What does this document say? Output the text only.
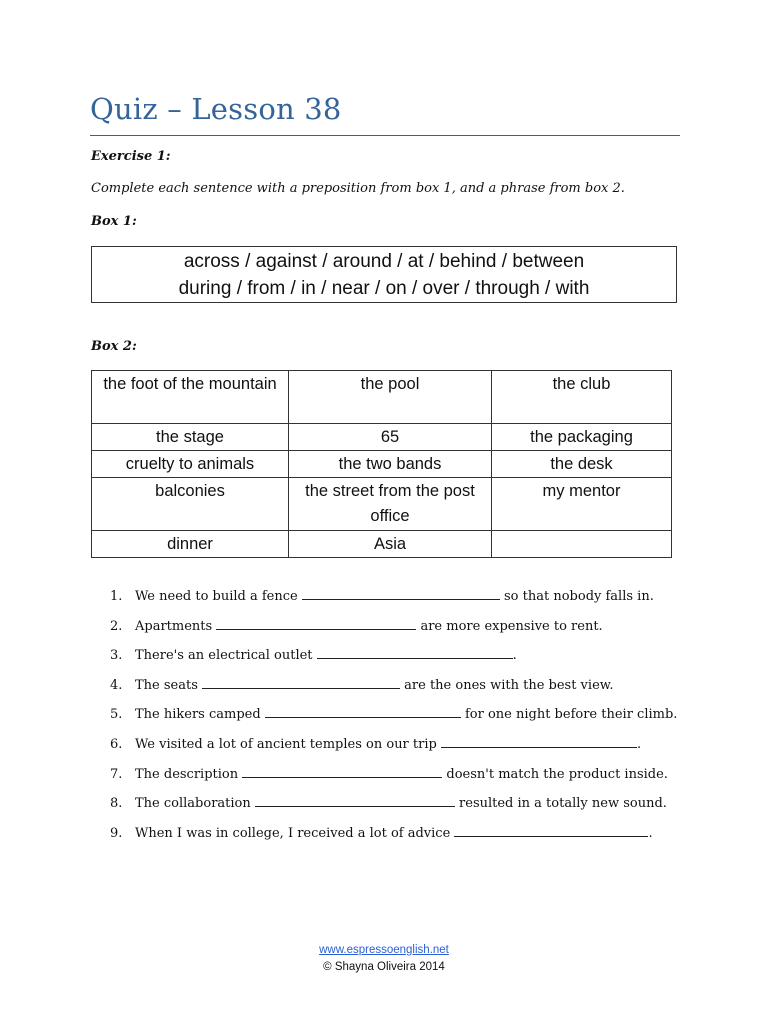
Quiz – Lesson 38
Exercise 1:
Complete each sentence with a preposition from box 1, and a phrase from box 2.
Box 1:
across / against / around / at / behind / between
during / from / in / near / on / over / through / with
Box 2:
the foot of the mountain	the pool	the club
the stage	65	the packaging
cruelty to animals	the two bands	the desk
balconies	the street from the post office	my mentor
dinner	Asia	
1. We need to build a fence	so that nobody falls in.
2. Apartments	are more expensive to rent.
3. There's an electrical outlet	.
4. The seats	are the ones with the best view.
5. The hikers camped	for one night before their climb.
6. We visited a lot of ancient temples on our trip	.
7. The description	doesn't match the product inside.
8. The collaboration	resulted in a totally new sound.
9. When I was in college, I received a lot of advice	.
www.espressoenglish.net
© Shayna Oliveira 2014
